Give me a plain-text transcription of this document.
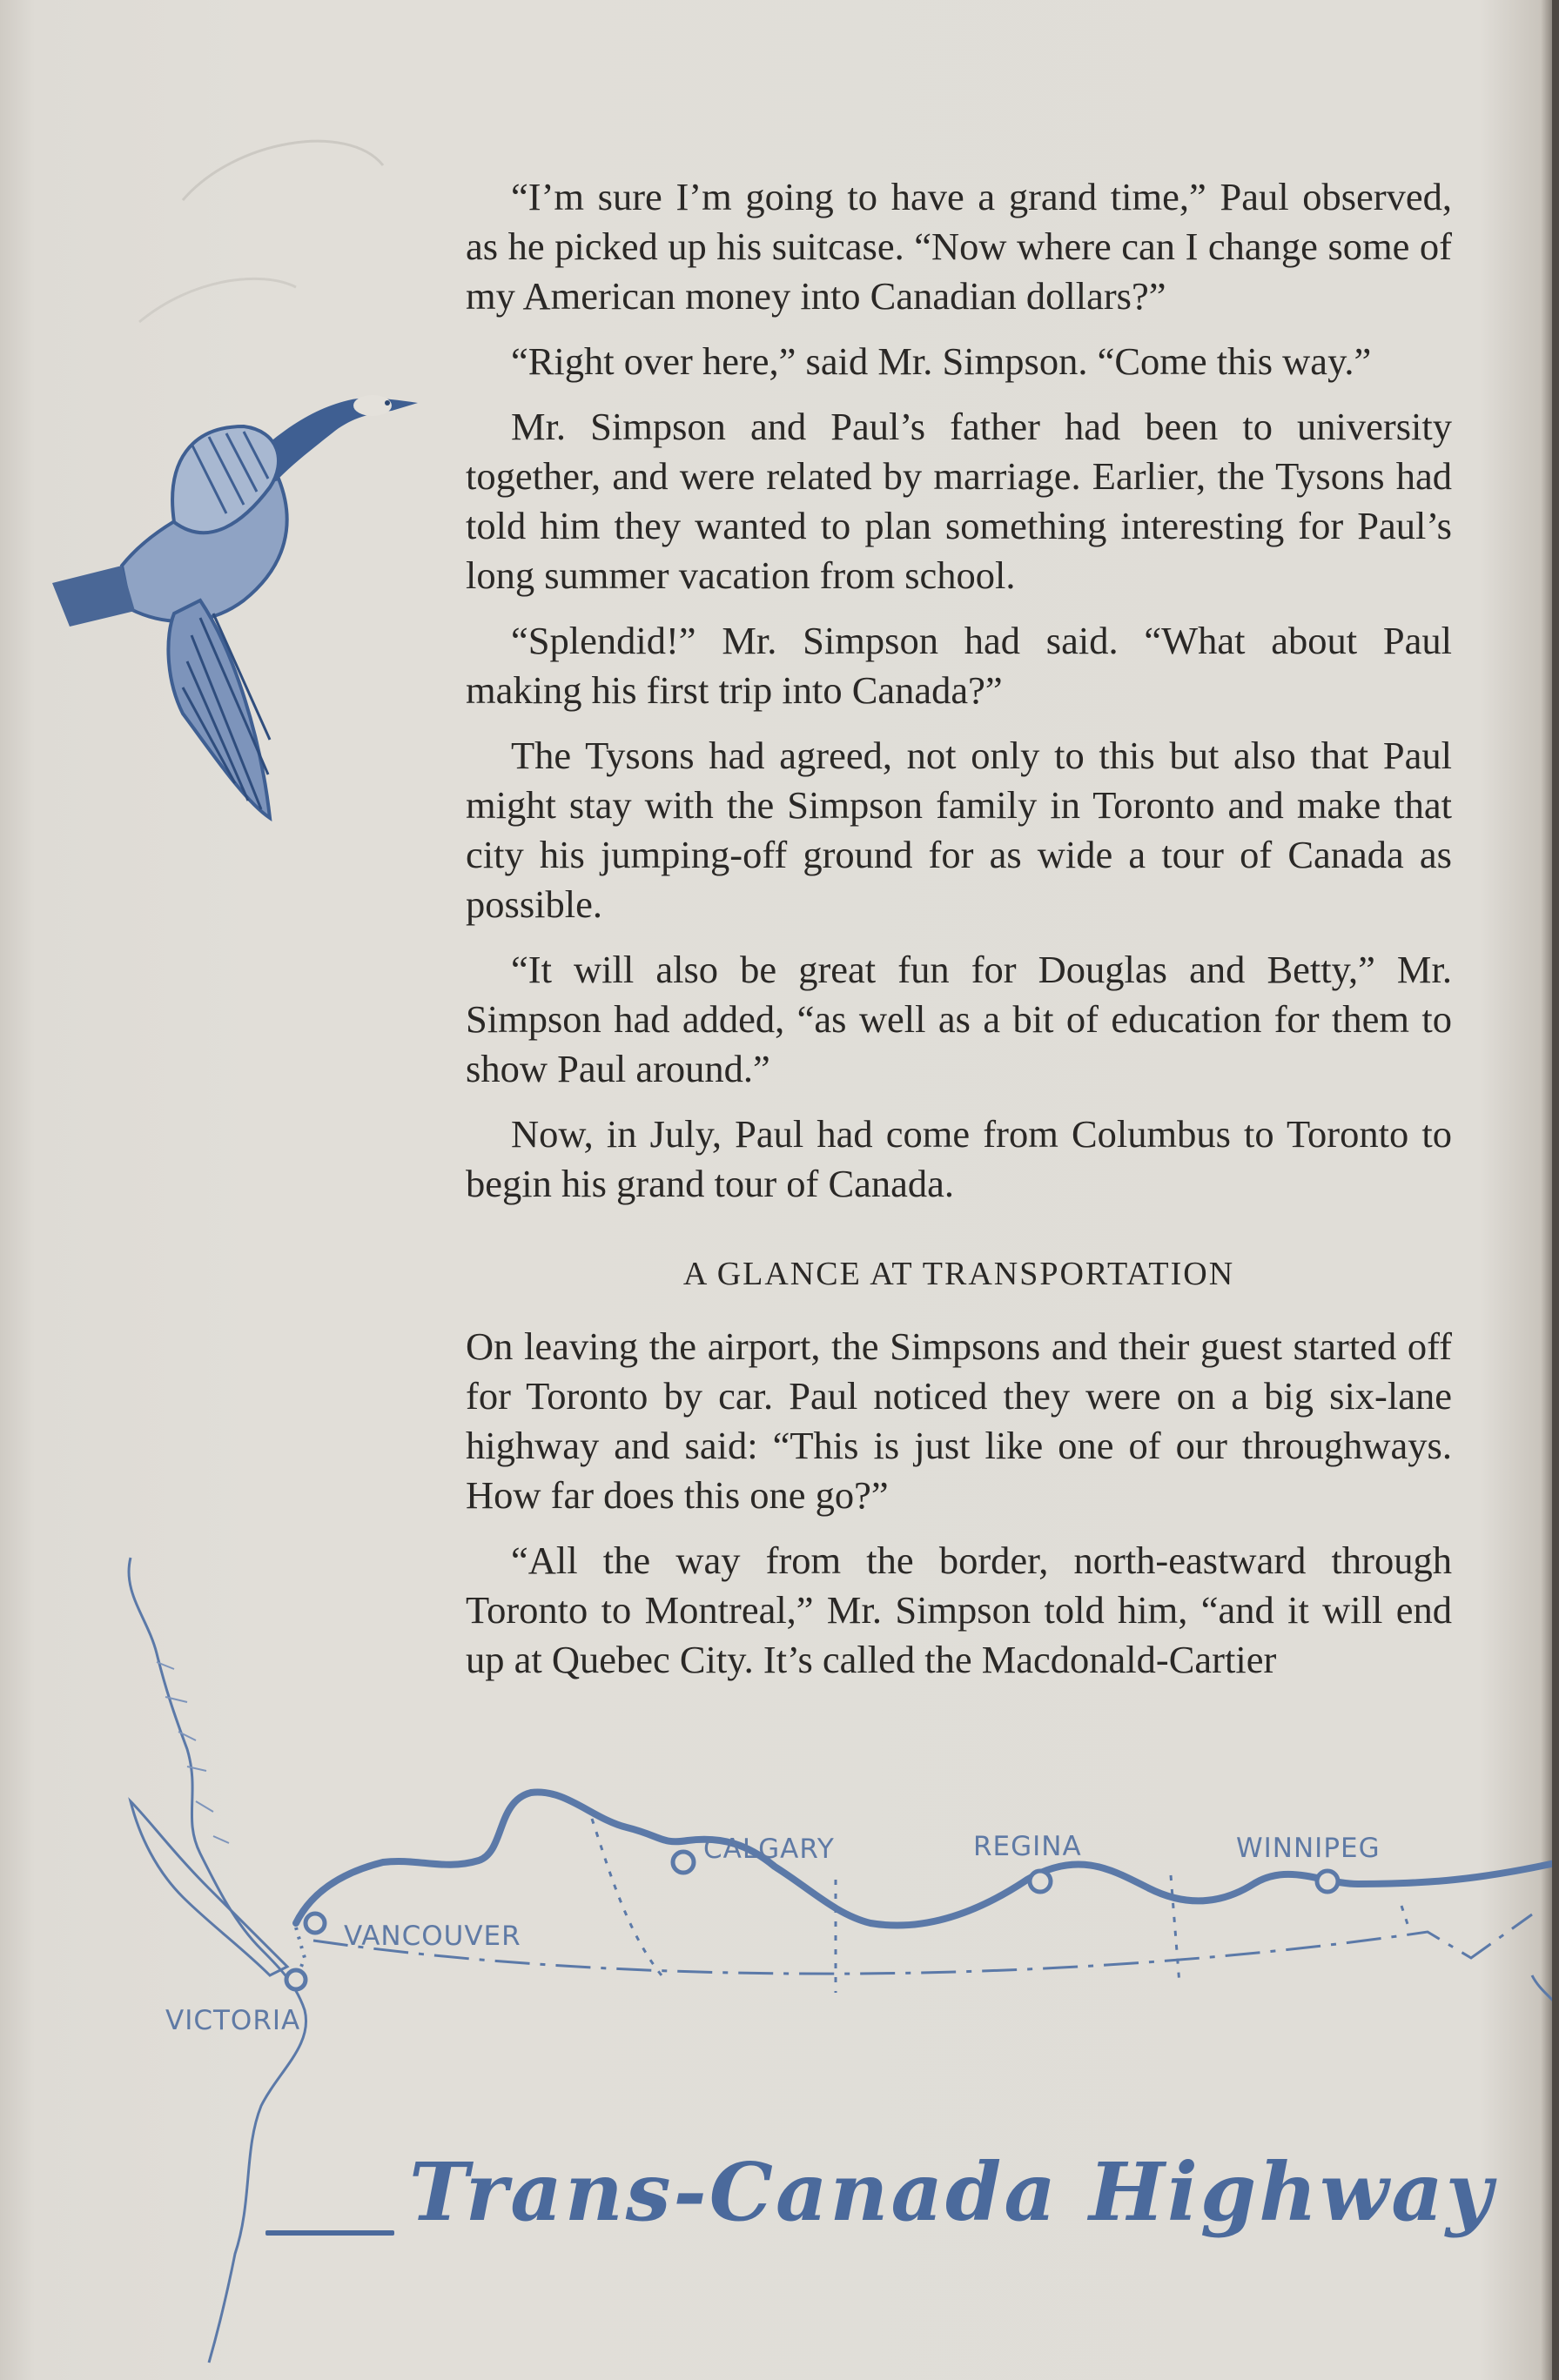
“I’m sure I’m going to have a grand time,” Paul observed, as he picked up his suitcase. “Now where can I change some of my American money into Canadian dollars?”

“Right over here,” said Mr. Simpson. “Come this way.”

Mr. Simpson and Paul’s father had been to university together, and were related by marriage. Earlier, the Tysons had told him they wanted to plan something interesting for Paul’s long summer vacation from school.

“Splendid!” Mr. Simpson had said. “What about Paul making his first trip into Canada?”

The Tysons had agreed, not only to this but also that Paul might stay with the Simpson family in Toronto and make that city his jumping-off ground for as wide a tour of Canada as possible.

“It will also be great fun for Douglas and Betty,” Mr. Simpson had added, “as well as a bit of education for them to show Paul around.”

Now, in July, Paul had come from Columbus to Toronto to begin his grand tour of Canada.

A GLANCE AT TRANSPORTATION

On leaving the airport, the Simpsons and their guest started off for Toronto by car. Paul noticed they were on a big six-lane highway and said: “This is just like one of our throughways. How far does this one go?”

“All the way from the border, north-eastward through Toronto to Montreal,” Mr. Simpson told him, “and it will end up at Quebec City. It’s called the Macdonald-Cartier

CALGARY	REGINA	WINNIPEG
VANCOUVER
VICTORIA
Trans-Canada Highway
